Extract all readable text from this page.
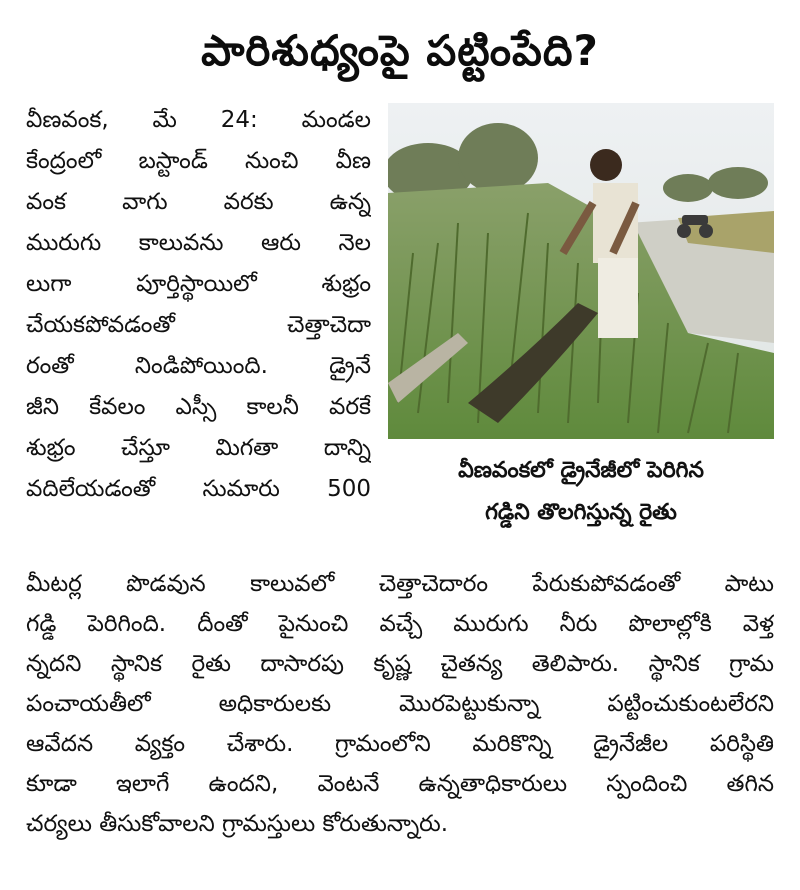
పారిశుధ్యంపై పట్టింపేది?
వీణవంక, మే 24: మండల
కేంద్రంలో బస్టాండ్ నుంచి వీణ
వంక వాగు వరకు ఉన్న
మురుగు కాలువను ఆరు నెల
లుగా పూర్తిస్థాయిలో శుభ్రం
చేయకపోవడంతో చెత్తాచెదా
రంతో నిండిపోయింది. డ్రైనే
జీని కేవలం ఎస్సీ కాలనీ వరకే
శుభ్రం చేస్తూ మిగతా దాన్ని
వదిలేయడంతో సుమారు 500
వీణవంకలో డ్రైనేజీలో పెరిగిన
గడ్డిని తొలగిస్తున్న రైతు
మీటర్ల పొడవున కాలువలో చెత్తాచెదారం పేరుకుపోవడంతో పాటు
గడ్డి పెరిగింది. దీంతో పైనుంచి వచ్చే మురుగు నీరు పొలాల్లోకి వెళ్త
న్నదని స్థానిక రైతు దాసారపు కృష్ణ చైతన్య తెలిపారు. స్థానిక గ్రామ
పంచాయతీలో అధికారులకు మొరపెట్టుకున్నా పట్టించుకుంటలేరని
ఆవేదన వ్యక్తం చేశారు. గ్రామంలోని మరికొన్ని డ్రైనేజీల పరిస్థితి
కూడా ఇలాగే ఉందని, వెంటనే ఉన్నతాధికారులు స్పందించి తగిన
చర్యలు తీసుకోవాలని గ్రామస్తులు కోరుతున్నారు.
